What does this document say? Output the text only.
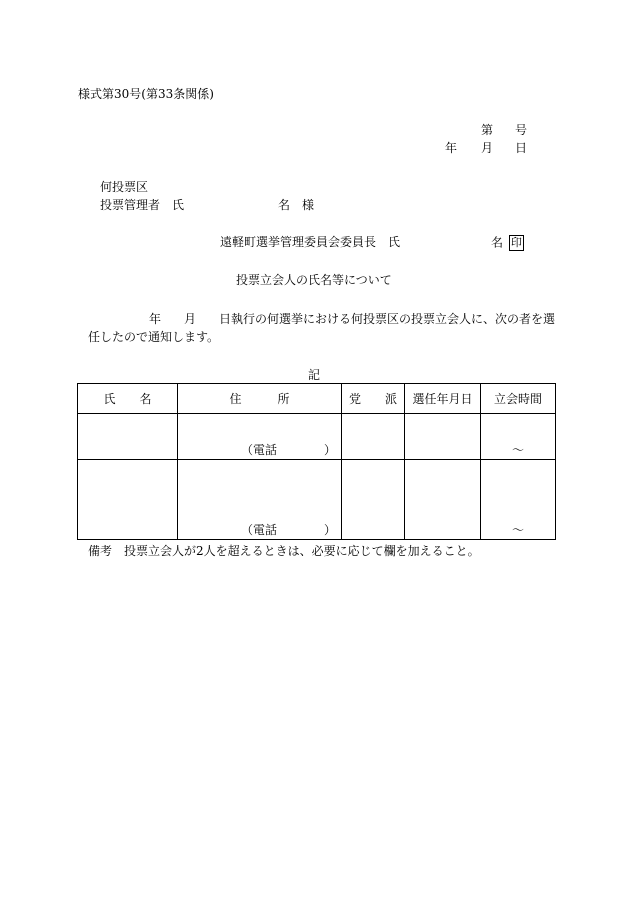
様式第30号(第33条関係)
第 号
年 月 日
何投票区
投票管理者　氏	名　様
遠軽町選挙管理委員会委員長　氏	名 印
投票立会人の氏名等について
年 月 日執行の何選挙における何投票区の投票立会人に、次の者を選
任したので通知します。
記
氏　　名	住　　　所	党　　派	選任年月日	立会時間

	（電話 ）			～

	（電話 ）			～
備考　投票立会人が2人を超えるときは、必要に応じて欄を加えること。
